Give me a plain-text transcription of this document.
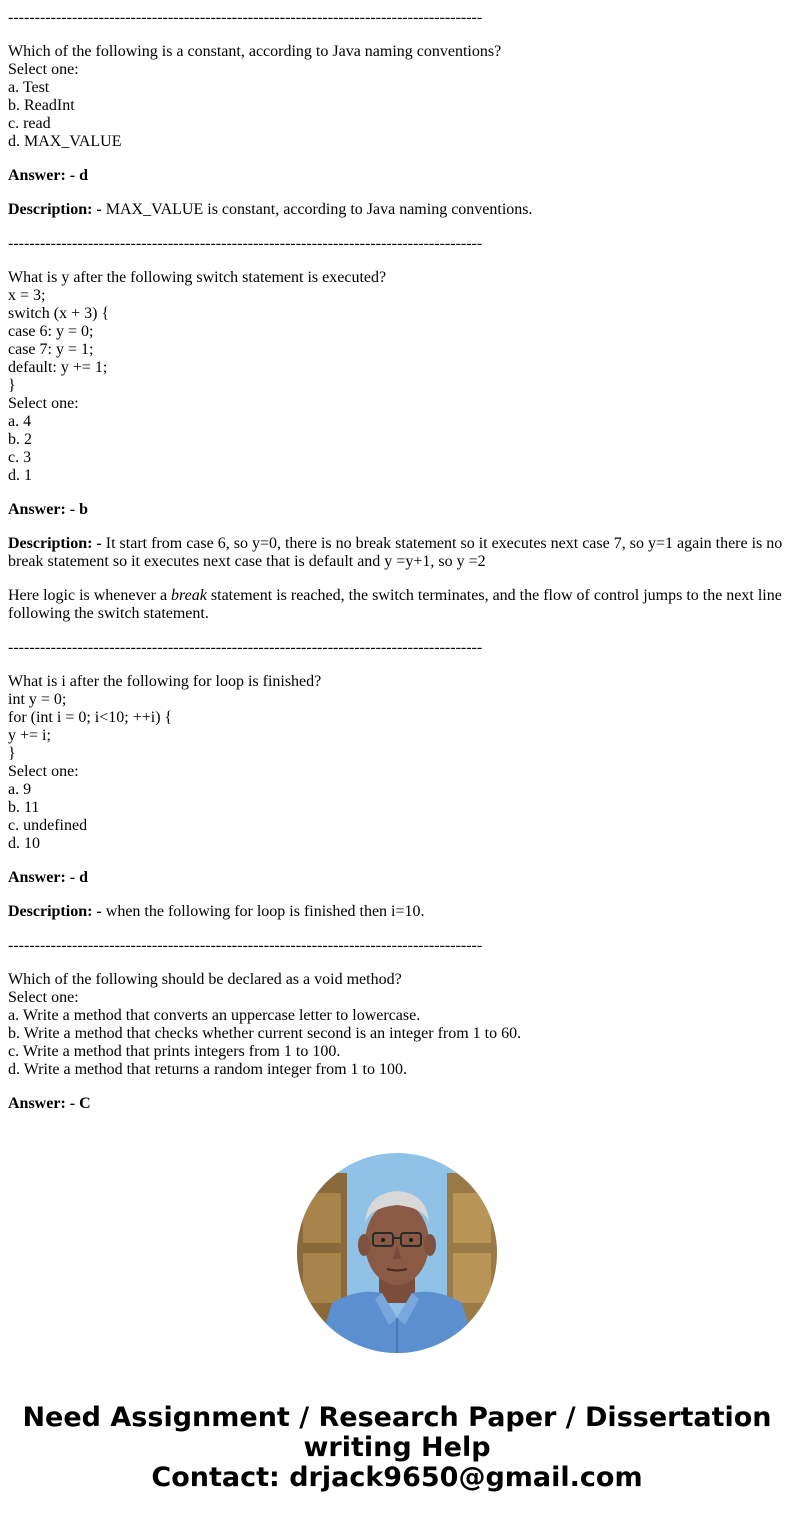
-----------------------------------------------------------------------------------------
Which of the following is a constant, according to Java naming conventions?
Select one:
a. Test
b. ReadInt
c. read
d. MAX_VALUE

Answer: - d

Description: - MAX_VALUE is constant, according to Java naming conventions.

-----------------------------------------------------------------------------------------
What is y after the following switch statement is executed?
x = 3;
switch (x + 3) {
case 6: y = 0;
case 7: y = 1;
default: y += 1;
}
Select one:
a. 4
b. 2
c. 3
d. 1

Answer: - b

Description: - It start from case 6, so y=0, there is no break statement so it executes next case 7, so y=1 again there is no break statement so it executes next case that is default and y =y+1, so y =2

Here logic is whenever a break statement is reached, the switch terminates, and the flow of control jumps to the next line following the switch statement.

-----------------------------------------------------------------------------------------
What is i after the following for loop is finished?
int y = 0;
for (int i = 0; i<10; ++i) {
y += i;
}
Select one:
a. 9
b. 11
c. undefined
d. 10

Answer: - d

Description: - when the following for loop is finished then i=10.

-----------------------------------------------------------------------------------------
Which of the following should be declared as a void method?
Select one:
a. Write a method that converts an uppercase letter to lowercase.
b. Write a method that checks whether current second is an integer from 1 to 60.
c. Write a method that prints integers from 1 to 100.
d. Write a method that returns a random integer from 1 to 100.

Answer: - C

Need Assignment / Research Paper / Dissertation
writing Help
Contact: drjack9650@gmail.com
